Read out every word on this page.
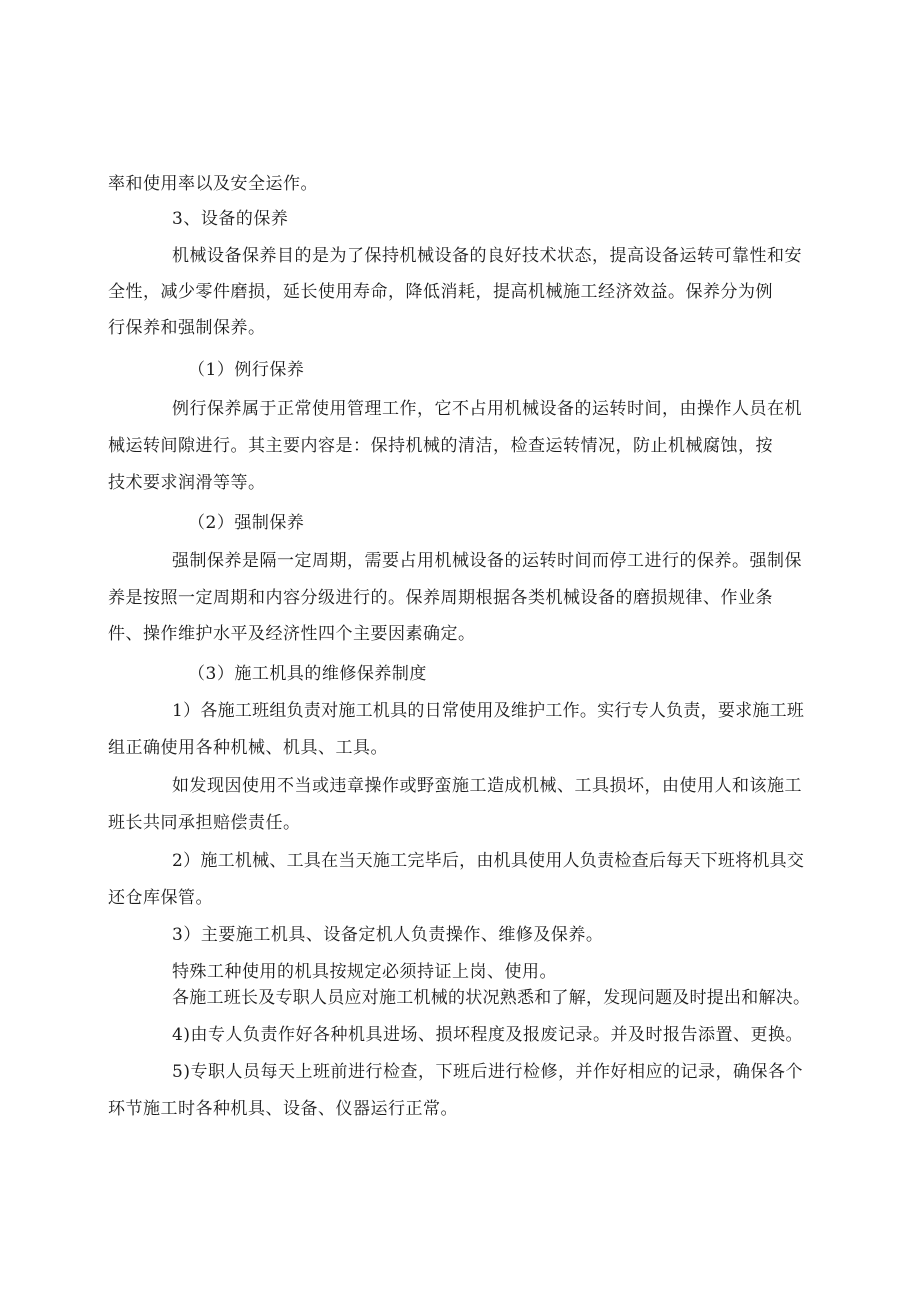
率和使用率以及安全运作。
3、设备的保养
机械设备保养目的是为了保持机械设备的良好技术状态，提高设备运转可靠性和安
全性，减少零件磨损，延长使用寿命，降低消耗，提高机械施工经济效益。保养分为例
行保养和强制保养。
（1）例行保养
例行保养属于正常使用管理工作，它不占用机械设备的运转时间，由操作人员在机
械运转间隙进行。其主要内容是：保持机械的清洁，检查运转情况，防止机械腐蚀，按
技术要求润滑等等。
（2）强制保养
强制保养是隔一定周期，需要占用机械设备的运转时间而停工进行的保养。强制保
养是按照一定周期和内容分级进行的。保养周期根据各类机械设备的磨损规律、作业条
件、操作维护水平及经济性四个主要因素确定。
（3）施工机具的维修保养制度
1）各施工班组负责对施工机具的日常使用及维护工作。实行专人负责，要求施工班
组正确使用各种机械、机具、工具。
如发现因使用不当或违章操作或野蛮施工造成机械、工具损坏，由使用人和该施工
班长共同承担赔偿责任。
2）施工机械、工具在当天施工完毕后，由机具使用人负责检查后每天下班将机具交
还仓库保管。
3）主要施工机具、设备定机人负责操作、维修及保养。
特殊工种使用的机具按规定必须持证上岗、使用。
各施工班长及专职人员应对施工机械的状况熟悉和了解，发现问题及时提出和解决。
4)由专人负责作好各种机具进场、损坏程度及报废记录。并及时报告添置、更换。
5)专职人员每天上班前进行检查，下班后进行检修，并作好相应的记录，确保各个
环节施工时各种机具、设备、仪器运行正常。
